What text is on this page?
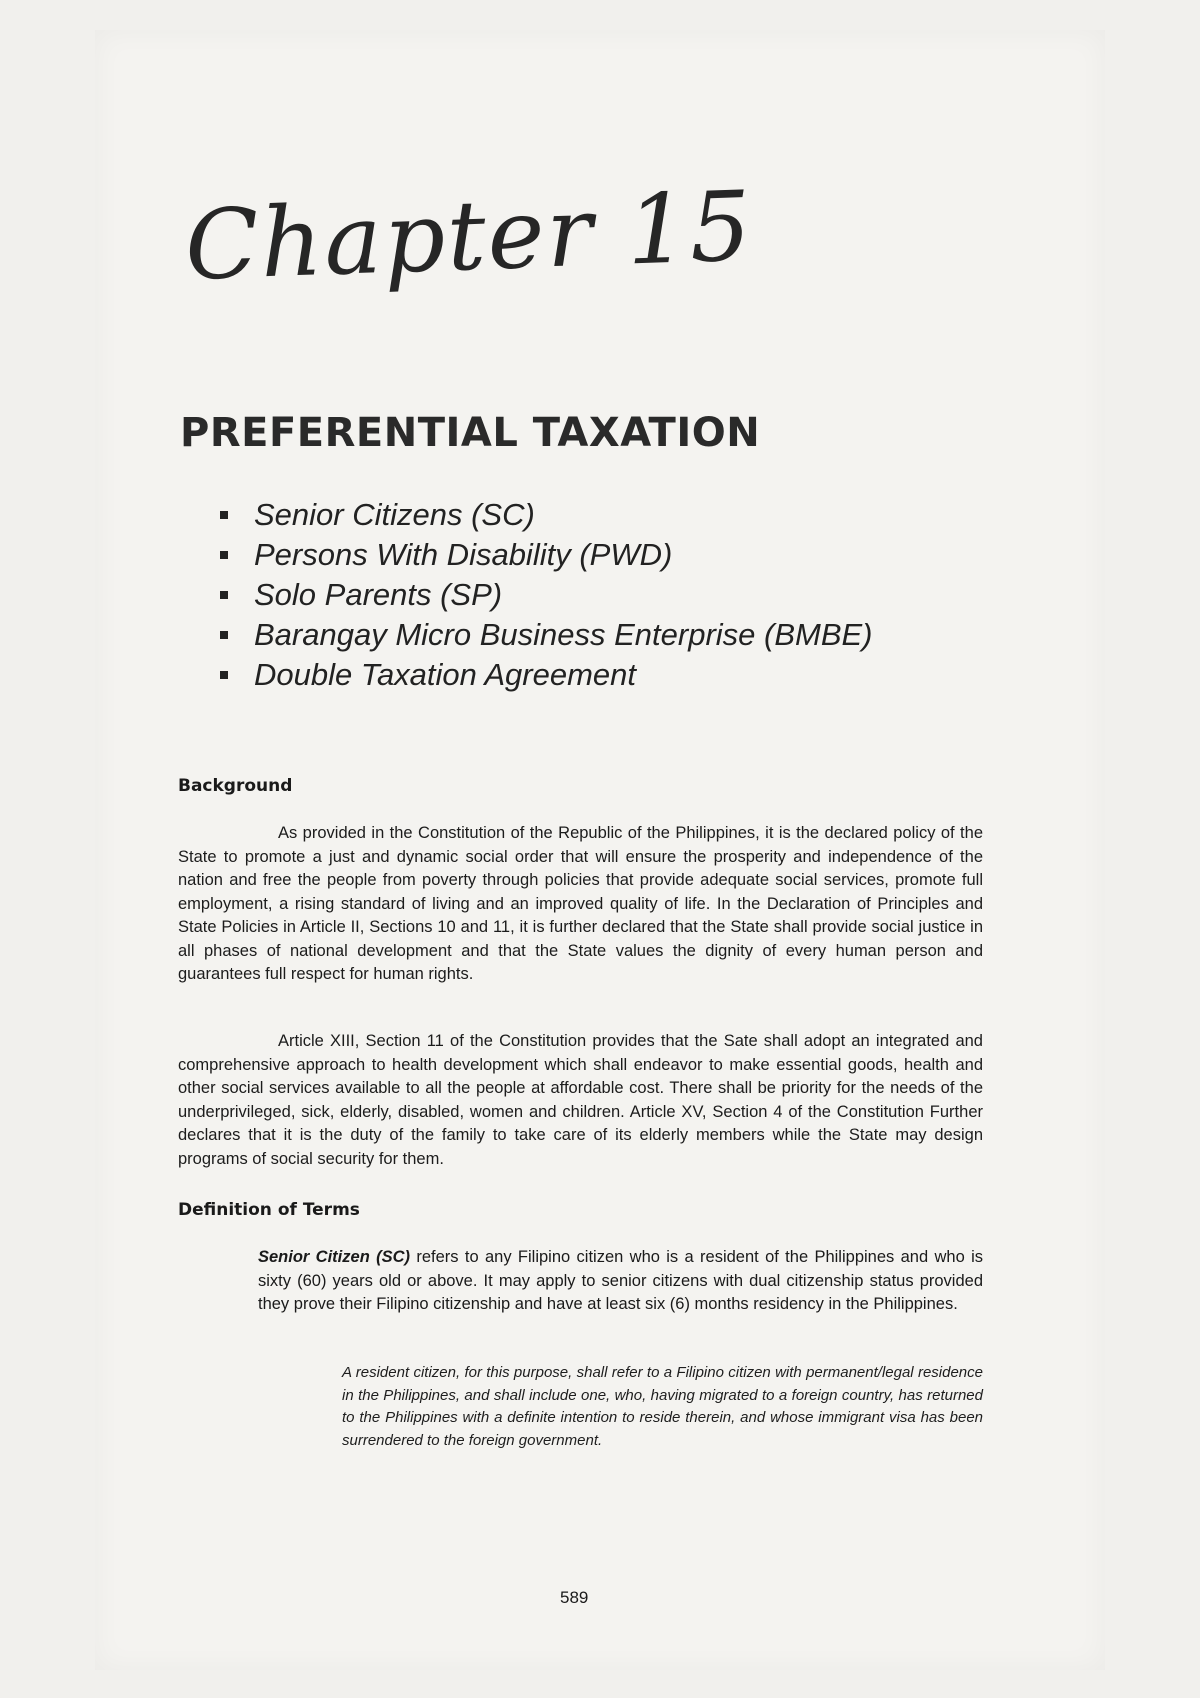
Chapter 15
PREFERENTIAL TAXATION
Senior Citizens (SC)
Persons With Disability (PWD)
Solo Parents (SP)
Barangay Micro Business Enterprise (BMBE)
Double Taxation Agreement
Background

As provided in the Constitution of the Republic of the Philippines, it is the declared policy of the State to promote a just and dynamic social order that will ensure the prosperity and independence of the nation and free the people from poverty through policies that provide adequate social services, promote full employment, a rising standard of living and an improved quality of life. In the Declaration of Principles and State Policies in Article II, Sections 10 and 11, it is further declared that the State shall provide social justice in all phases of national development and that the State values the dignity of every human person and guarantees full respect for human rights.

Article XIII, Section 11 of the Constitution provides that the Sate shall adopt an integrated and comprehensive approach to health development which shall endeavor to make essential goods, health and other social services available to all the people at affordable cost. There shall be priority for the needs of the underprivileged, sick, elderly, disabled, women and children. Article XV, Section 4 of the Constitution Further declares that it is the duty of the family to take care of its elderly members while the State may design programs of social security for them.

Definition of Terms

Senior Citizen (SC) refers to any Filipino citizen who is a resident of the Philippines and who is sixty (60) years old or above. It may apply to senior citizens with dual citizenship status provided they prove their Filipino citizenship and have at least six (6) months residency in the Philippines.

A resident citizen, for this purpose, shall refer to a Filipino citizen with permanent/legal residence in the Philippines, and shall include one, who, having migrated to a foreign country, has returned to the Philippines with a definite intention to reside therein, and whose immigrant visa has been surrendered to the foreign government.

589
